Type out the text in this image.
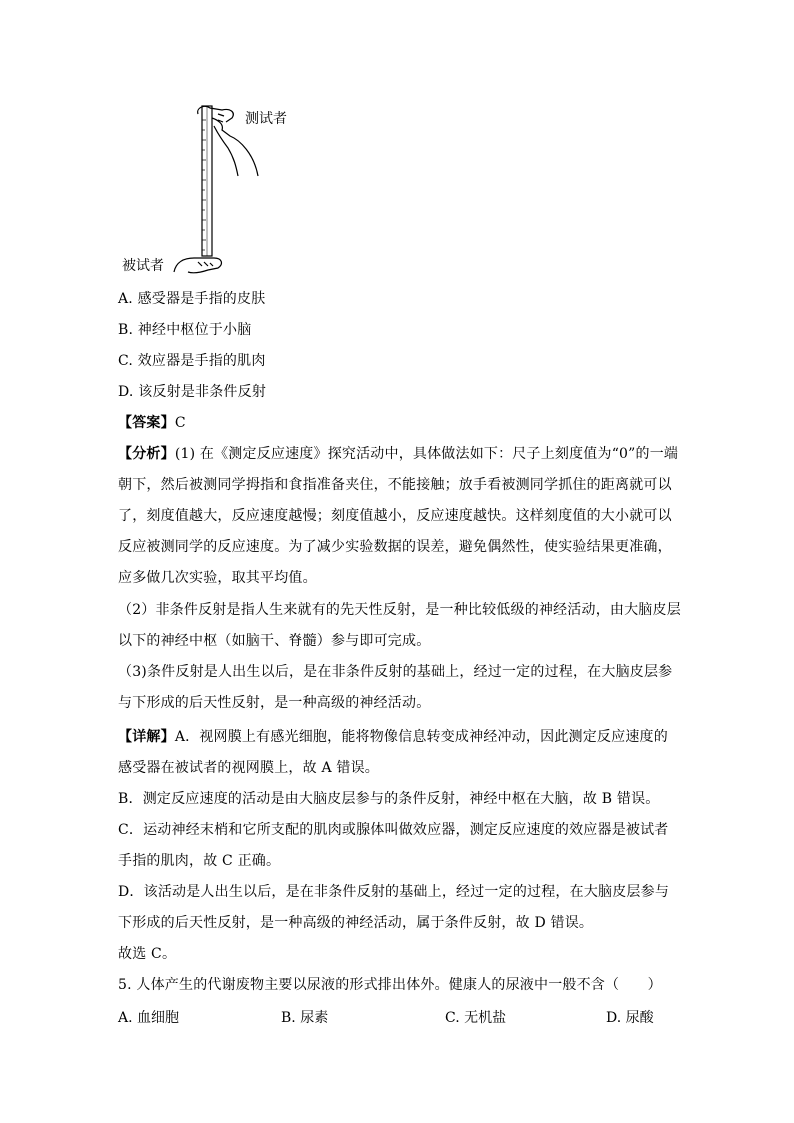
测试者
被试者
A. 感受器是手指的皮肤
B. 神经中枢位于小脑
C. 效应器是手指的肌肉
D. 该反射是非条件反射
【答案】C
【分析】(1) 在《测定反应速度》探究活动中，具体做法如下：尺子上刻度值为“0”的一端
朝下，然后被测同学拇指和食指准备夹住，不能接触；放手看被测同学抓住的距离就可以
了，刻度值越大，反应速度越慢；刻度值越小，反应速度越快。这样刻度值的大小就可以
反应被测同学的反应速度。为了减少实验数据的误差，避免偶然性，使实验结果更准确，
应多做几次实验，取其平均值。
（2）非条件反射是指人生来就有的先天性反射，是一种比较低级的神经活动，由大脑皮层
以下的神经中枢（如脑干、脊髓）参与即可完成。
（3)条件反射是人出生以后，是在非条件反射的基础上，经过一定的过程，在大脑皮层参
与下形成的后天性反射，是一种高级的神经活动。
【详解】A．视网膜上有感光细胞，能将物像信息转变成神经冲动，因此测定反应速度的
感受器在被试者的视网膜上，故 A 错误。
B．测定反应速度的活动是由大脑皮层参与的条件反射，神经中枢在大脑，故 B 错误。
C．运动神经末梢和它所支配的肌肉或腺体叫做效应器，测定反应速度的效应器是被试者
手指的肌肉，故 C 正确。
D．该活动是人出生以后，是在非条件反射的基础上，经过一定的过程，在大脑皮层参与
下形成的后天性反射，是一种高级的神经活动，属于条件反射，故 D 错误。
故选 C。
5. 人体产生的代谢废物主要以尿液的形式排出体外。健康人的尿液中一般不含（　　）
A. 血细胞	B. 尿素	C. 无机盐	D. 尿酸
